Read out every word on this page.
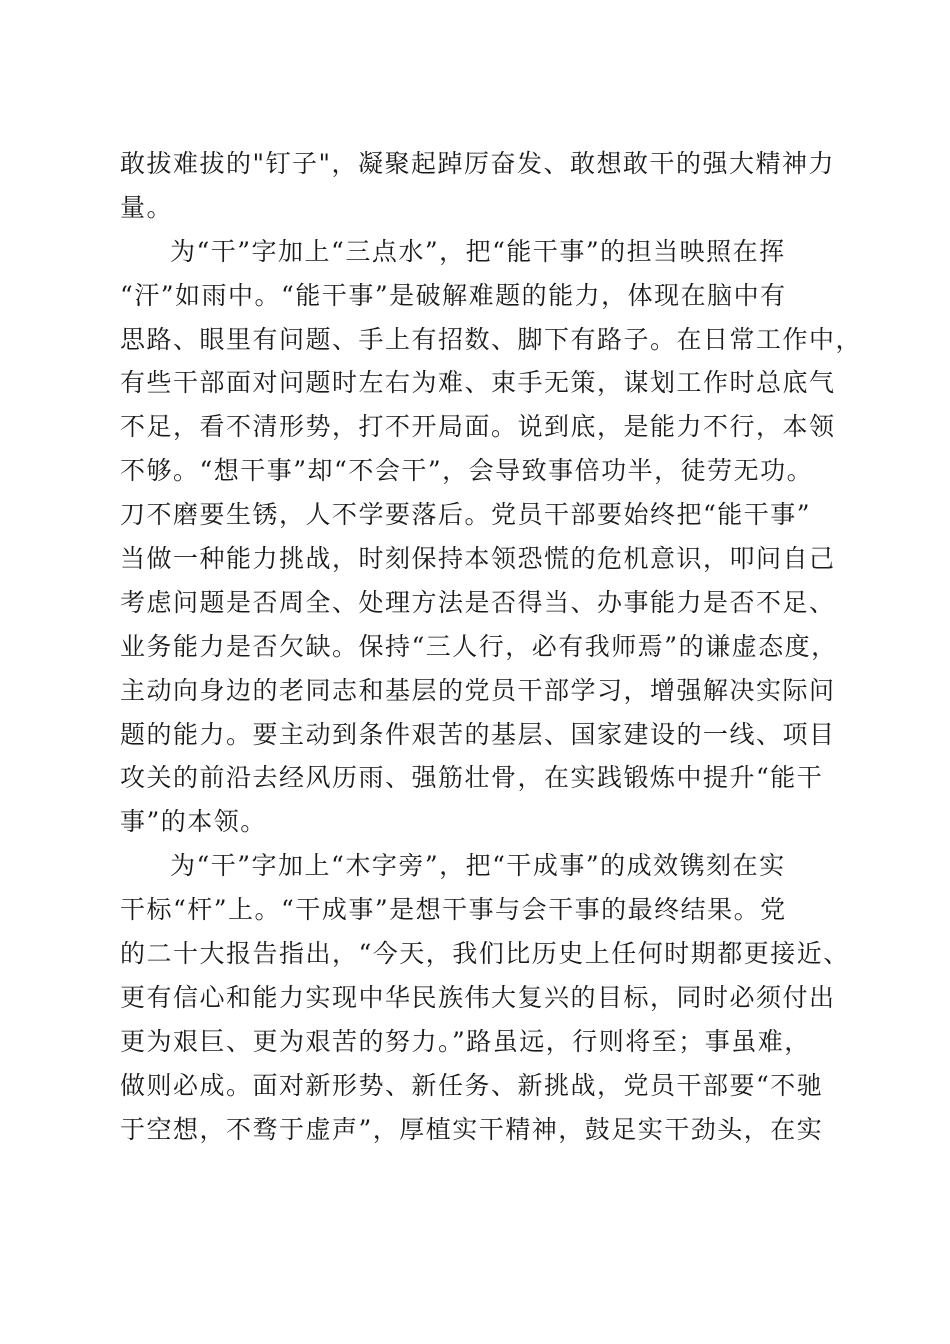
敢拔难拔的"钉子"，凝聚起踔厉奋发、敢想敢干的强大精神力
量。
为“干”字加上“三点水”，把“能干事”的担当映照在挥
“汗”如雨中。“能干事”是破解难题的能力，体现在脑中有
思路、眼里有问题、手上有招数、脚下有路子。在日常工作中，
有些干部面对问题时左右为难、束手无策，谋划工作时总底气
不足，看不清形势，打不开局面。说到底，是能力不行，本领
不够。“想干事”却“不会干”，会导致事倍功半，徒劳无功。
刀不磨要生锈，人不学要落后。党员干部要始终把“能干事”
当做一种能力挑战，时刻保持本领恐慌的危机意识，叩问自己
考虑问题是否周全、处理方法是否得当、办事能力是否不足、
业务能力是否欠缺。保持“三人行，必有我师焉”的谦虚态度，
主动向身边的老同志和基层的党员干部学习，增强解决实际问
题的能力。要主动到条件艰苦的基层、国家建设的一线、项目
攻关的前沿去经风历雨、强筋壮骨，在实践锻炼中提升“能干
事”的本领。
为“干”字加上“木字旁”，把“干成事”的成效镌刻在实
干标“杆”上。“干成事”是想干事与会干事的最终结果。党
的二十大报告指出，“今天，我们比历史上任何时期都更接近、
更有信心和能力实现中华民族伟大复兴的目标，同时必须付出
更为艰巨、更为艰苦的努力。”路虽远，行则将至；事虽难，
做则必成。面对新形势、新任务、新挑战，党员干部要“不驰
于空想，不骛于虚声”，厚植实干精神，鼓足实干劲头，在实
